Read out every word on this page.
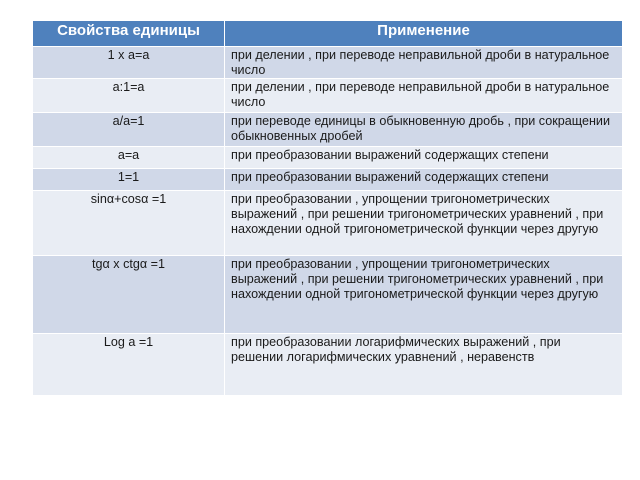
Свойства единицы	Применение
1 x a=a	при делении , при переводе неправильной дроби в натуральное число
a:1=a	при делении , при переводе неправильной дроби в натуральное число
a/a=1	при переводе единицы в обыкновенную дробь , при сокращении обыкновенных дробей
a=a	при преобразовании выражений содержащих степени
1=1	при преобразовании выражений содержащих степени
sinα+cosα =1	при преобразовании , упрощении тригонометрических выражений , при решении тригонометрических уравнений , при нахождении одной тригонометрической функции через другую
tgα x ctgα =1	при преобразовании , упрощении тригонометрических выражений , при решении тригонометрических уравнений , при нахождении одной тригонометрической функции через другую
Log a =1	при преобразовании логарифмических выражений , при решении логарифмических уравнений , неравенств
